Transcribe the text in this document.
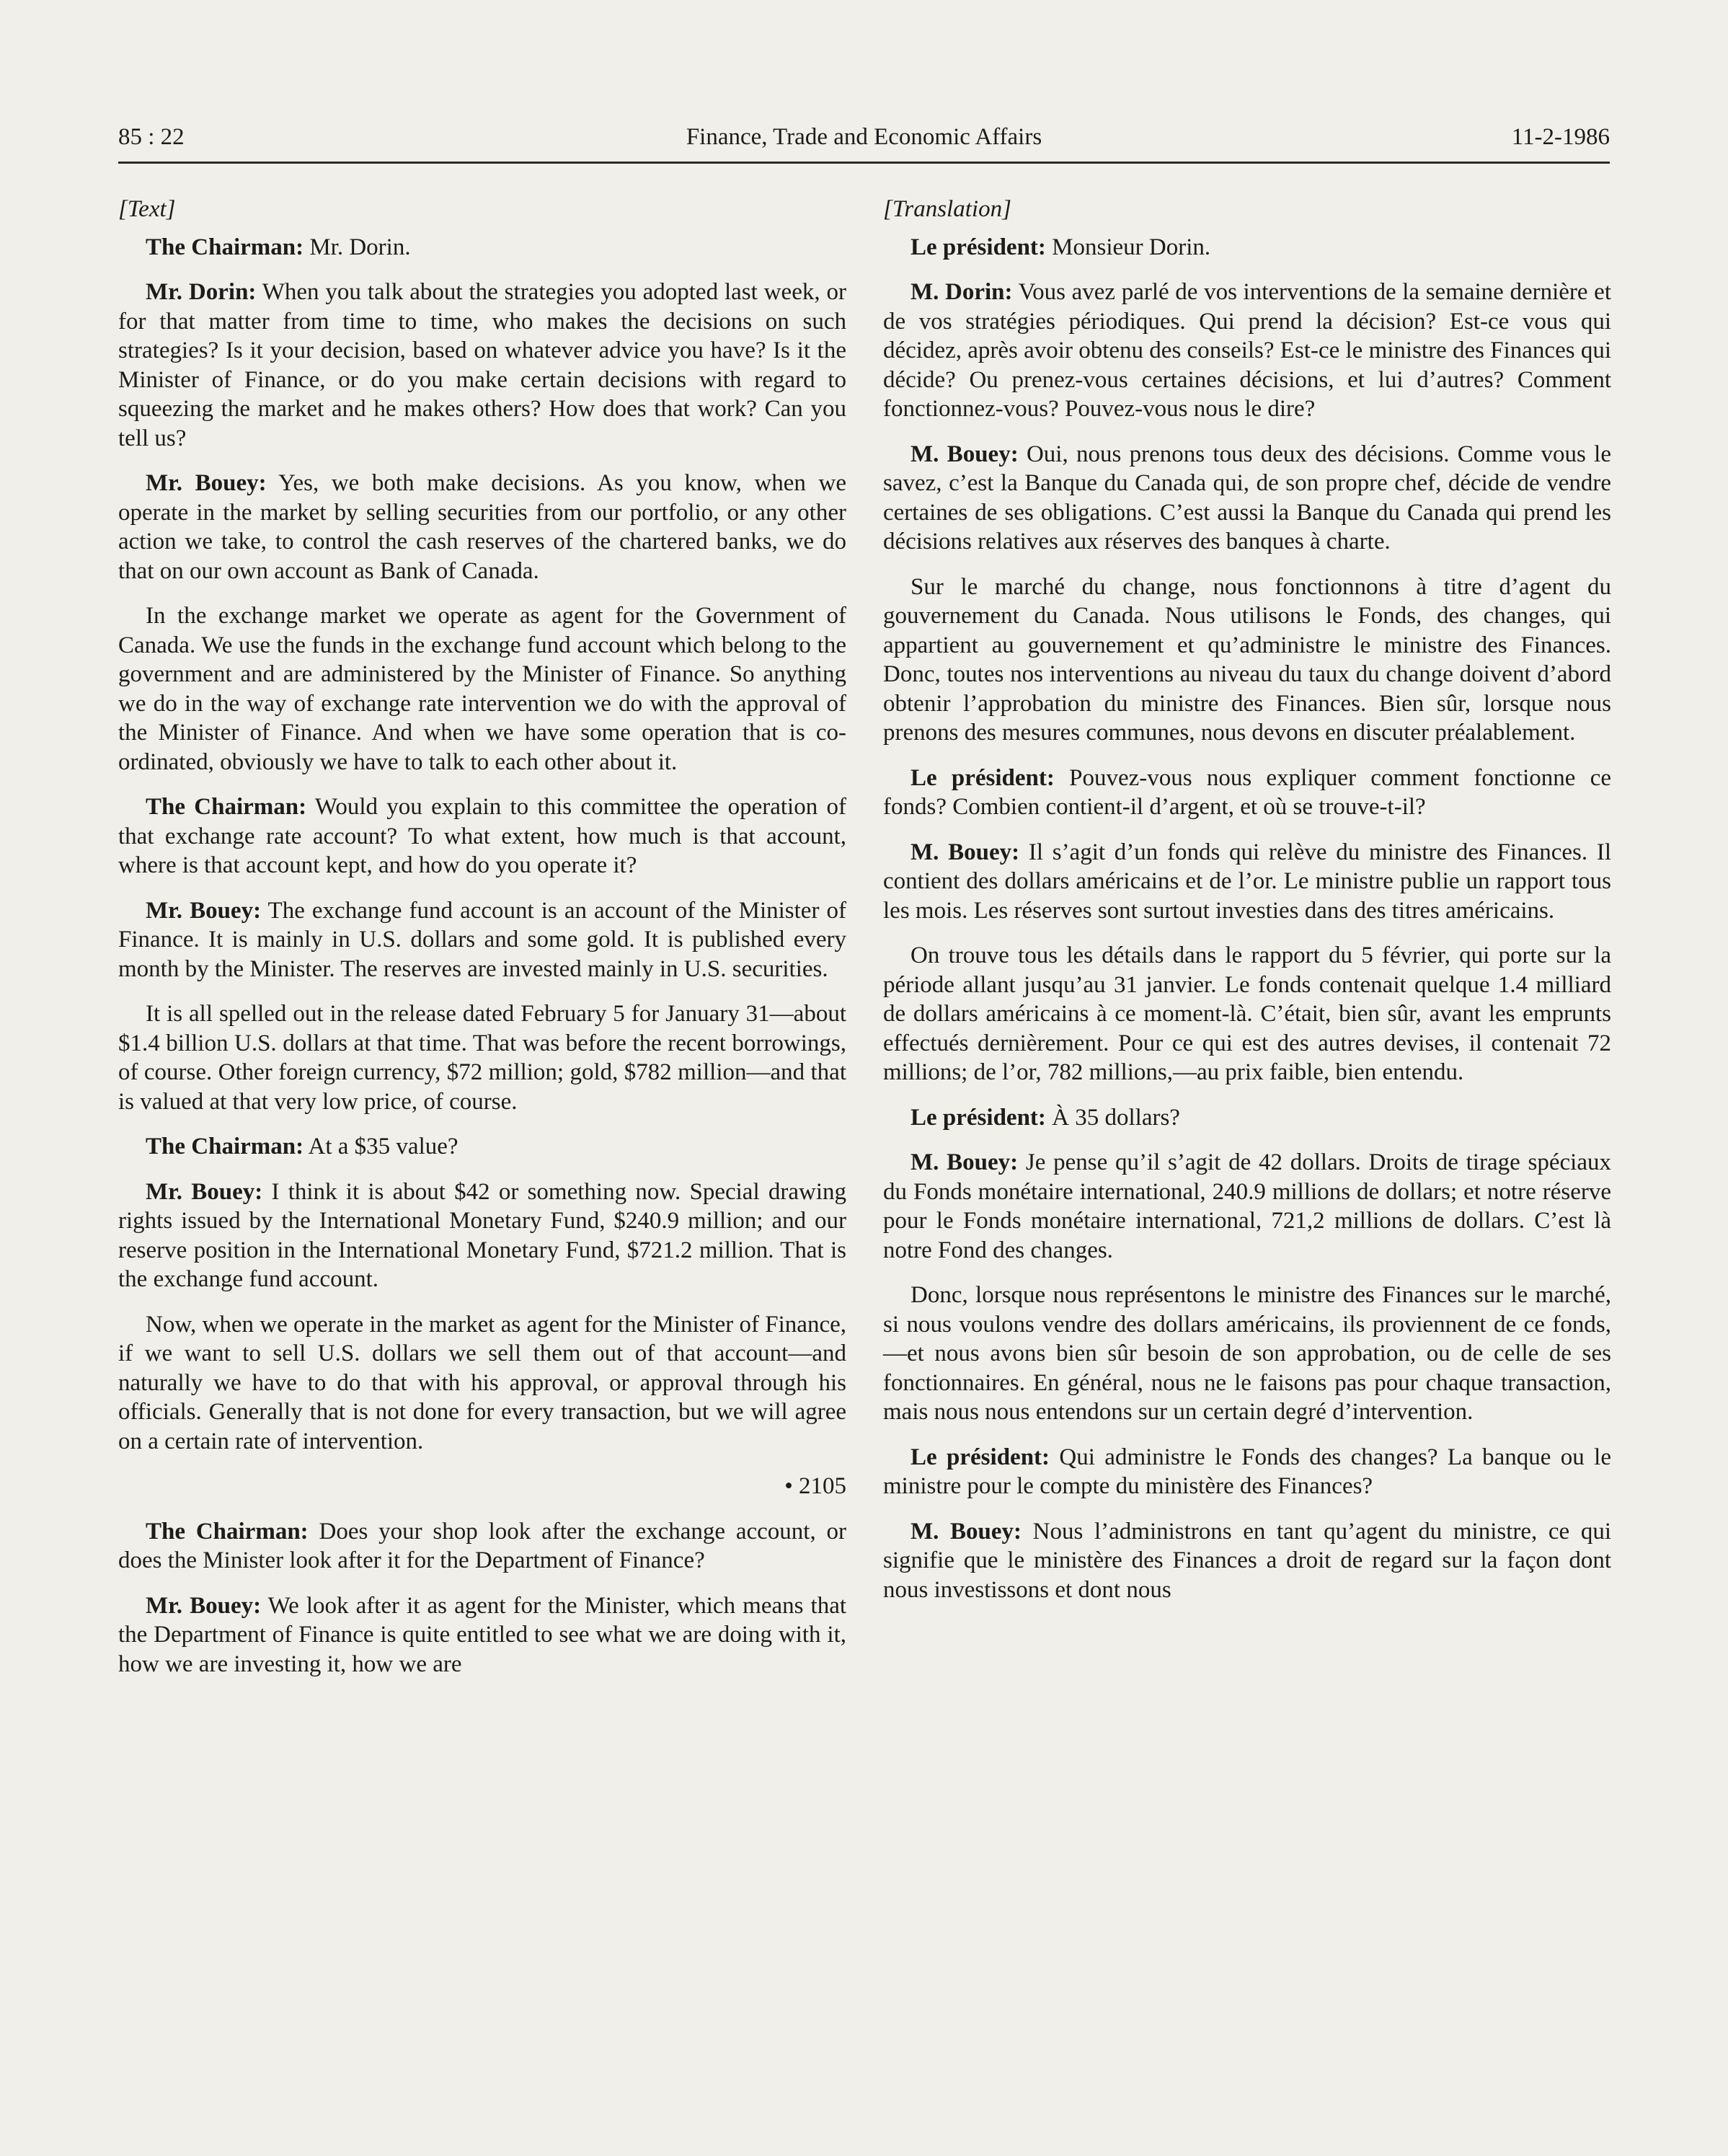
85 : 22	Finance, Trade and Economic Affairs	11-2-1986
[Text]

The Chairman: Mr. Dorin.

Mr. Dorin: When you talk about the strategies you adopted last week, or for that matter from time to time, who makes the decisions on such strategies? Is it your decision, based on whatever advice you have? Is it the Minister of Finance, or do you make certain decisions with regard to squeezing the market and he makes others? How does that work? Can you tell us?

Mr. Bouey: Yes, we both make decisions. As you know, when we operate in the market by selling securities from our portfolio, or any other action we take, to control the cash reserves of the chartered banks, we do that on our own account as Bank of Canada.

In the exchange market we operate as agent for the Government of Canada. We use the funds in the exchange fund account which belong to the government and are administered by the Minister of Finance. So anything we do in the way of exchange rate intervention we do with the approval of the Minister of Finance. And when we have some operation that is co-ordinated, obviously we have to talk to each other about it.

The Chairman: Would you explain to this committee the operation of that exchange rate account? To what extent, how much is that account, where is that account kept, and how do you operate it?

Mr. Bouey: The exchange fund account is an account of the Minister of Finance. It is mainly in U.S. dollars and some gold. It is published every month by the Minister. The reserves are invested mainly in U.S. securities.

It is all spelled out in the release dated February 5 for January 31—about $1.4 billion U.S. dollars at that time. That was before the recent borrowings, of course. Other foreign currency, $72 million; gold, $782 million—and that is valued at that very low price, of course.

The Chairman: At a $35 value?

Mr. Bouey: I think it is about $42 or something now. Special drawing rights issued by the International Monetary Fund, $240.9 million; and our reserve position in the International Monetary Fund, $721.2 million. That is the exchange fund account.

Now, when we operate in the market as agent for the Minister of Finance, if we want to sell U.S. dollars we sell them out of that account—and naturally we have to do that with his approval, or approval through his officials. Generally that is not done for every transaction, but we will agree on a certain rate of intervention.

• 2105

The Chairman: Does your shop look after the exchange account, or does the Minister look after it for the Department of Finance?

Mr. Bouey: We look after it as agent for the Minister, which means that the Department of Finance is quite entitled to see what we are doing with it, how we are investing it, how we are

[Translation]

Le président: Monsieur Dorin.

M. Dorin: Vous avez parlé de vos interventions de la semaine dernière et de vos stratégies périodiques. Qui prend la décision? Est-ce vous qui décidez, après avoir obtenu des conseils? Est-ce le ministre des Finances qui décide? Ou prenez-vous certaines décisions, et lui d’autres? Comment fonctionnez-vous? Pouvez-vous nous le dire?

M. Bouey: Oui, nous prenons tous deux des décisions. Comme vous le savez, c’est la Banque du Canada qui, de son propre chef, décide de vendre certaines de ses obligations. C’est aussi la Banque du Canada qui prend les décisions relatives aux réserves des banques à charte.

Sur le marché du change, nous fonctionnons à titre d’agent du gouvernement du Canada. Nous utilisons le Fonds, des changes, qui appartient au gouvernement et qu’administre le ministre des Finances. Donc, toutes nos interventions au niveau du taux du change doivent d’abord obtenir l’approbation du ministre des Finances. Bien sûr, lorsque nous prenons des mesures communes, nous devons en discuter préalablement.

Le président: Pouvez-vous nous expliquer comment fonctionne ce fonds? Combien contient-il d’argent, et où se trouve-t-il?

M. Bouey: Il s’agit d’un fonds qui relève du ministre des Finances. Il contient des dollars américains et de l’or. Le ministre publie un rapport tous les mois. Les réserves sont surtout investies dans des titres américains.

On trouve tous les détails dans le rapport du 5 février, qui porte sur la période allant jusqu’au 31 janvier. Le fonds contenait quelque 1.4 milliard de dollars américains à ce moment-là. C’était, bien sûr, avant les emprunts effectués dernièrement. Pour ce qui est des autres devises, il contenait 72 millions; de l’or, 782 millions,—au prix faible, bien entendu.

Le président: À 35 dollars?

M. Bouey: Je pense qu’il s’agit de 42 dollars. Droits de tirage spéciaux du Fonds monétaire international, 240.9 millions de dollars; et notre réserve pour le Fonds monétaire international, 721,2 millions de dollars. C’est là notre Fond des changes.

Donc, lorsque nous représentons le ministre des Finances sur le marché, si nous voulons vendre des dollars américains, ils proviennent de ce fonds,—et nous avons bien sûr besoin de son approbation, ou de celle de ses fonctionnaires. En général, nous ne le faisons pas pour chaque transaction, mais nous nous entendons sur un certain degré d’intervention.

Le président: Qui administre le Fonds des changes? La banque ou le ministre pour le compte du ministère des Finances?

M. Bouey: Nous l’administrons en tant qu’agent du ministre, ce qui signifie que le ministère des Finances a droit de regard sur la façon dont nous investissons et dont nous
